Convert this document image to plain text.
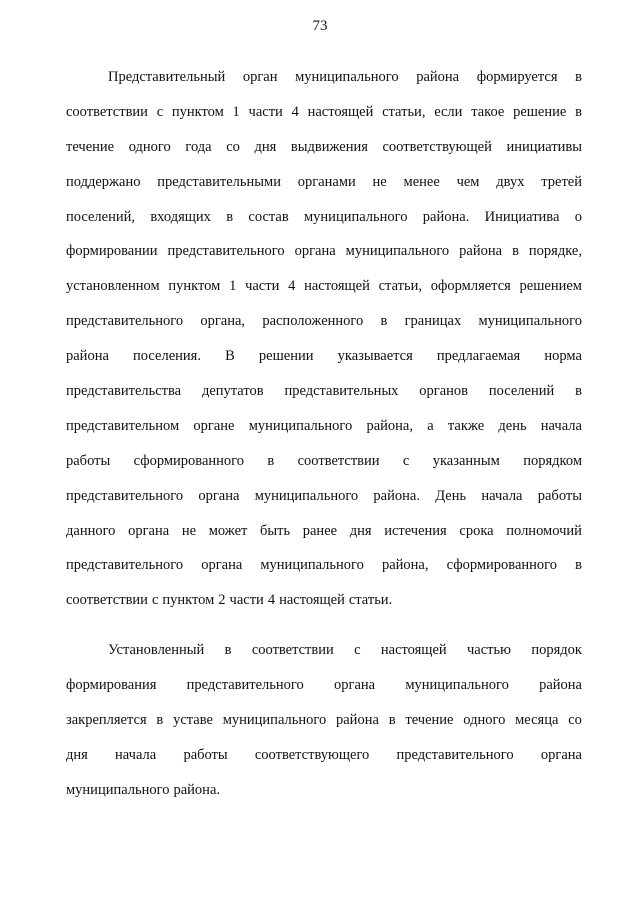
73
Представительный орган муниципального района формируется в
соответствии с пунктом 1 части 4 настоящей статьи, если такое решение в
течение одного года со дня выдвижения соответствующей инициативы
поддержано представительными органами не менее чем двух третей
поселений, входящих в состав муниципального района. Инициатива о
формировании представительного органа муниципального района в порядке,
установленном пунктом 1 части 4 настоящей статьи, оформляется решением
представительного органа, расположенного в границах муниципального
района поселения. В решении указывается предлагаемая норма
представительства депутатов представительных органов поселений в
представительном органе муниципального района, а также день начала
работы сформированного в соответствии с указанным порядком
представительного органа муниципального района. День начала работы
данного органа не может быть ранее дня истечения срока полномочий
представительного органа муниципального района, сформированного в
соответствии с пунктом 2 части 4 настоящей статьи.
Установленный в соответствии с настоящей частью порядок
формирования представительного органа муниципального района
закрепляется в уставе муниципального района в течение одного месяца со
дня начала работы соответствующего представительного органа
муниципального района.
